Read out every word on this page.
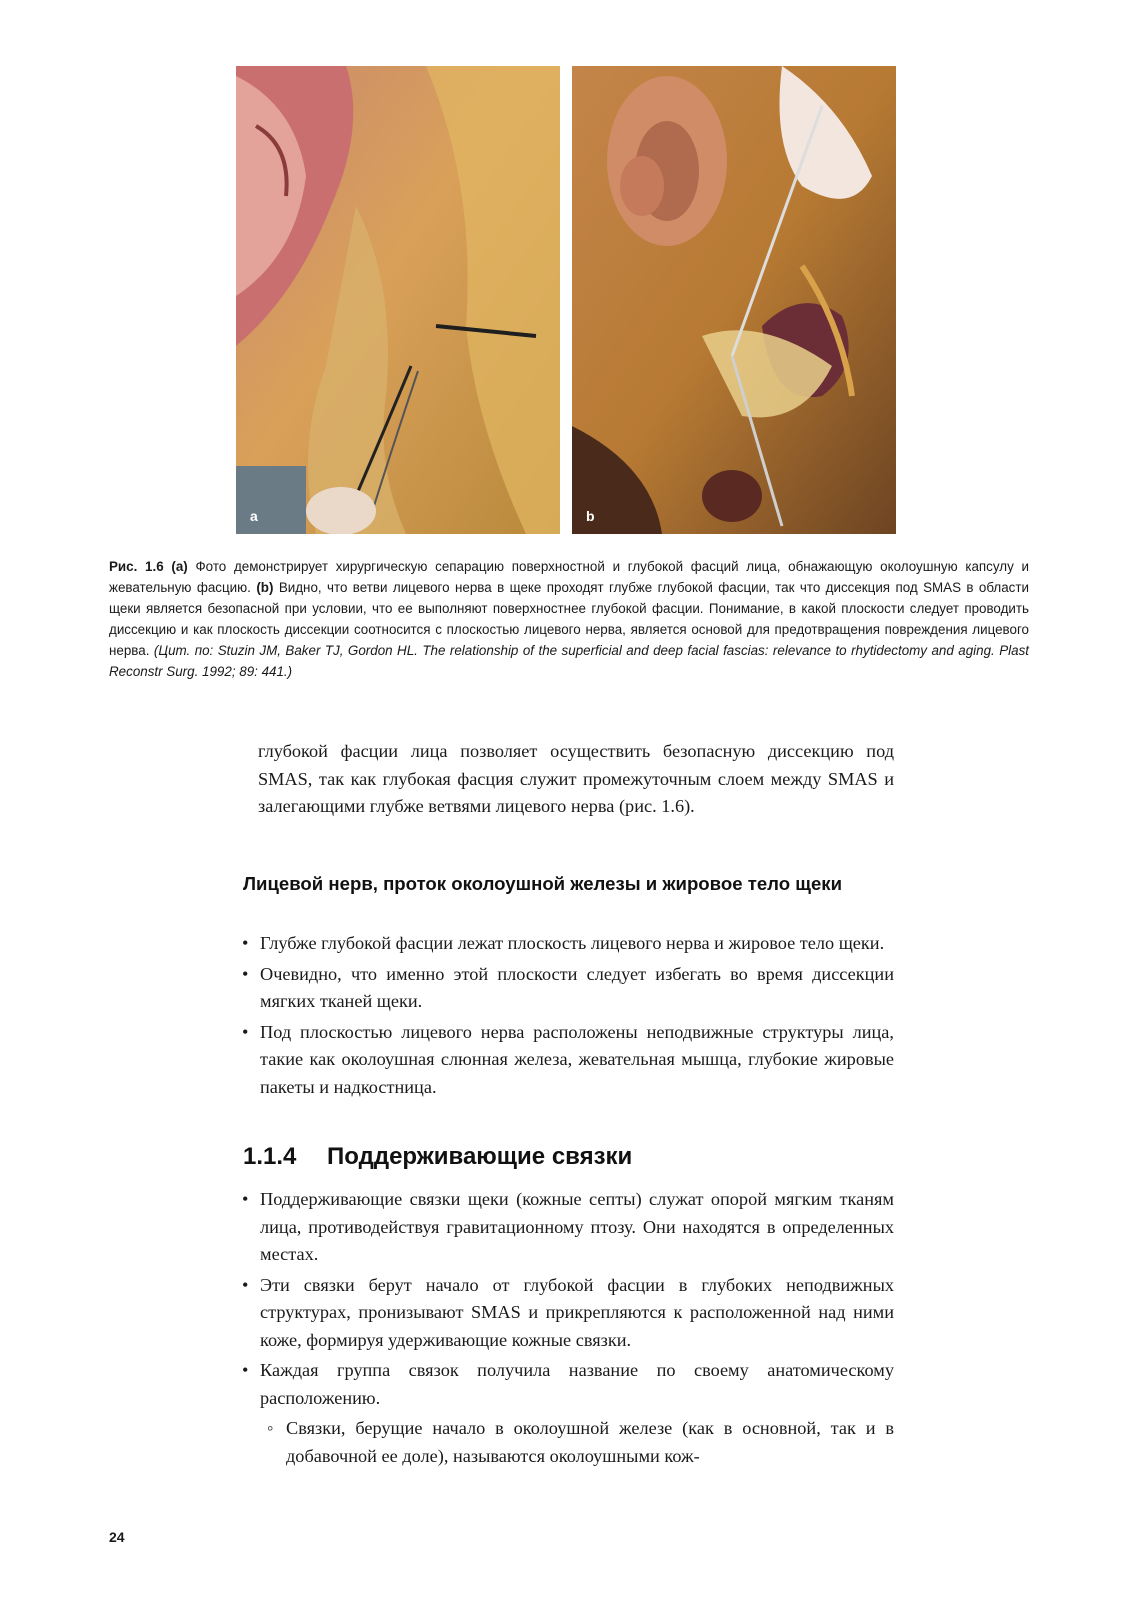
a	b
Рис. 1.6 (a) Фото демонстрирует хирургическую сепарацию поверхностной и глубокой фасций лица, обнажающую околоушную капсулу и жевательную фасцию. (b) Видно, что ветви лицевого нерва в щеке проходят глубже глубокой фасции, так что диссекция под SMAS в области щеки является безопасной при условии, что ее выполняют поверхностнее глубокой фасции. Понимание, в какой плоскости следует проводить диссекцию и как плоскость диссекции соотносится с плоскостью лицевого нерва, является основой для предотвращения повреждения лицевого нерва. (Цит. по: Stuzin JM, Baker TJ, Gordon HL. The relationship of the superficial and deep facial fascias: relevance to rhytidectomy and aging. Plast Reconstr Surg. 1992; 89: 441.)
глубокой фасции лица позволяет осуществить безопасную диссекцию под SMAS, так как глубокая фасция служит промежуточным слоем между SMAS и залегающими глубже ветвями лицевого нерва (рис. 1.6).
Лицевой нерв, проток околоушной железы и жировое тело щеки
• Глубже глубокой фасции лежат плоскость лицевого нерва и жировое тело щеки.
• Очевидно, что именно этой плоскости следует избегать во время диссекции мягких тканей щеки.
• Под плоскостью лицевого нерва расположены неподвижные структуры лица, такие как околоушная слюнная железа, жевательная мышца, глубокие жировые пакеты и надкостница.
1.1.4 Поддерживающие связки
• Поддерживающие связки щеки (кожные септы) служат опорой мягким тканям лица, противодействуя гравитационному птозу. Они находятся в определенных местах.
• Эти связки берут начало от глубокой фасции в глубоких неподвижных структурах, пронизывают SMAS и прикрепляются к расположенной над ними коже, формируя удерживающие кожные связки.
• Каждая группа связок получила название по своему анатомическому расположению.
◦ Связки, берущие начало в околоушной железе (как в основной, так и в добавочной ее доле), называются околоушными кож-
24
